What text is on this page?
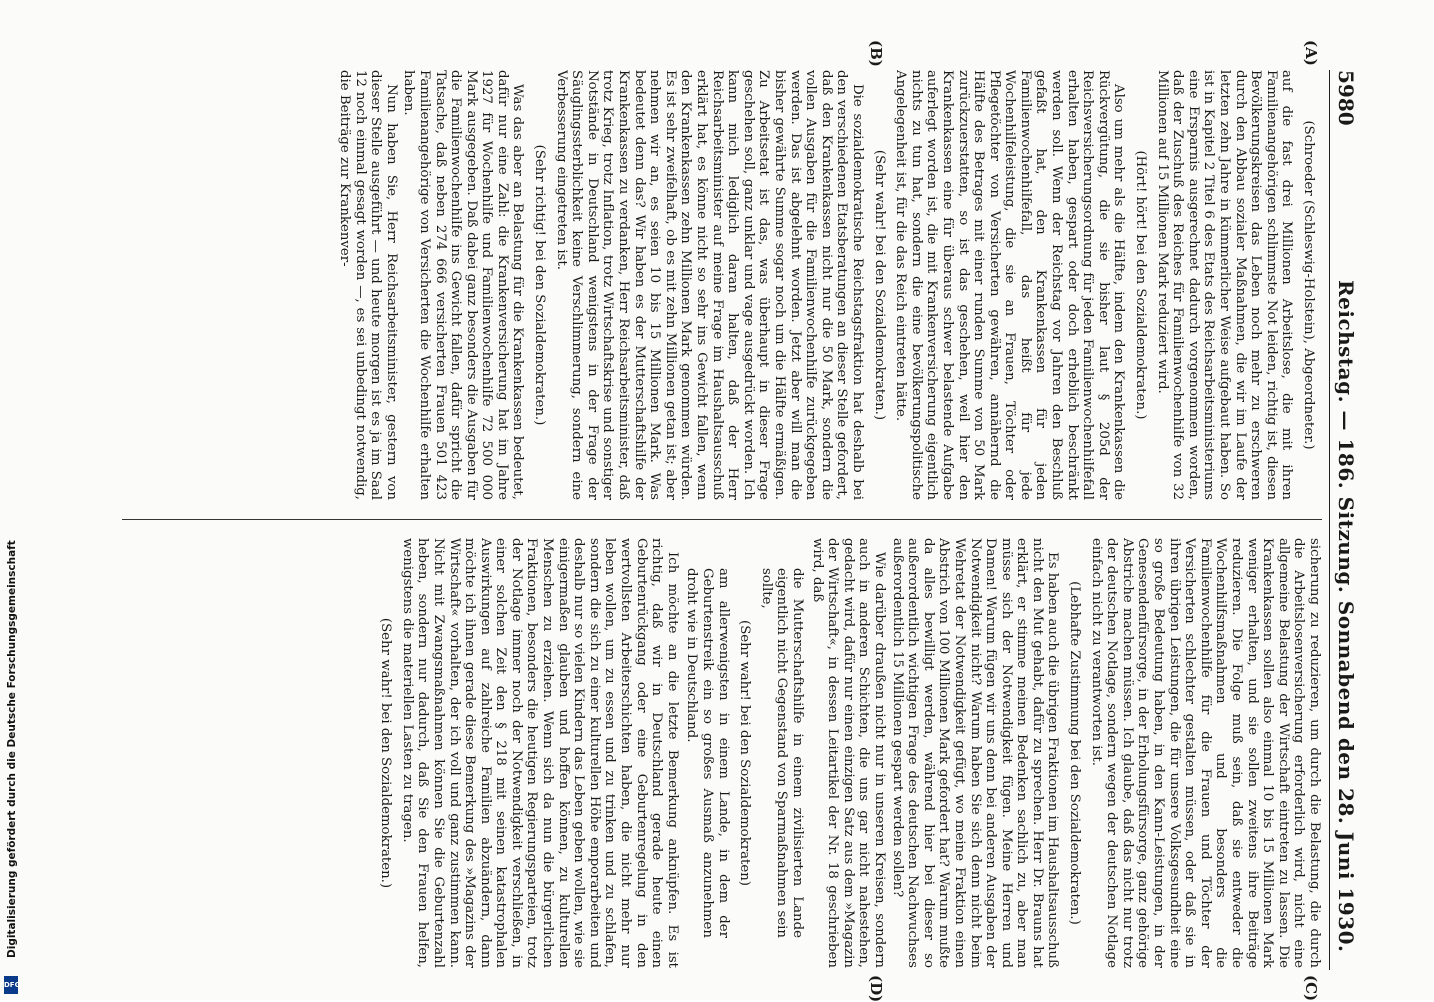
5980
Reichstag. — 186. Sitzung. Sonnabend den 28. Juni 1930.
(A)
(B)
(C)
(D)

(Schroeder (Schleswig-Holstein), Abgeordneter.)

auf die fast drei Millionen Arbeitslose, die mit ihren Familienangehörigen schlimmste Not leiden, richtig ist, diesen Bevölkerungskreisen das Leben noch mehr zu erschweren durch den Abbau sozialer Maßnahmen, die wir im Laufe der letzten zehn Jahre in kümmerlicher Weise aufgebaut haben. So ist in Kapitel 2 Titel 6 des Etats des Reichsarbeitsministeriums eine Ersparnis ausgerechnet dadurch vorgenommen worden, daß der Zuschuß des Reiches für Familienwochenhilfe von 32 Millionen auf 15 Millionen Mark reduziert wird.

(Hört! hört! bei den Sozialdemokraten.)

Also um mehr als die Hälfte, indem den Krankenkassen die Rückvergütung, die sie bisher laut § 205d der Reichsversicherungsordnung für jeden Familienwochenhilfefall erhalten haben, gespart oder doch erheblich beschränkt werden soll. Wenn der Reichstag vor Jahren den Beschluß gefaßt hat, den Krankenkassen für jeden Familienwochenhilfefall, das heißt für jede Wochenhilfeleistung, die sie an Frauen, Töchter oder Pflegetöchter von Versicherten gewähren, annähernd die Hälfte des Betrages mit einer runden Summe von 50 Mark zurückzuerstatten, so ist das geschehen, weil hier den Krankenkassen eine für überaus schwer belastende Aufgabe auferlegt worden ist, die mit Krankenversicherung eigentlich nichts zu tun hat, sondern die eine bevölkerungspolitische Angelegenheit ist, für die das Reich eintreten hätte.

(Sehr wahr! bei den Sozialdemokraten.)

Die sozialdemokratische Reichstagsfraktion hat deshalb bei den verschiedenen Etatsberatungen an dieser Stelle gefordert, daß den Krankenkassen nicht nur die 50 Mark, sondern die vollen Ausgaben für die Familienwochenhilfe zurückgegeben werden. Das ist abgelehnt worden. Jetzt aber will man die bisher gewährte Summe sogar noch um die Hälfte ermäßigen. Zu Arbeitsetat ist das, was überhaupt in dieser Frage geschehen soll, ganz unklar und vage ausgedrückt worden. Ich kann mich lediglich daran halten, daß der Herr Reichsarbeitsminister auf meine Frage im Haushaltsausschuß erklärt hat, es könne nicht so sehr ins Gewicht fallen, wenn den Krankenkassen zehn Millionen Mark genommen würden. Es ist sehr zweifelhaft, ob es mit zehn Millionen getan ist; aber nehmen wir an, es seien 10 bis 15 Millionen Mark. Was bedeutet denn das? Wir haben es der Mutterschaftshilfe der Krankenkassen zu verdanken, Herr Reichsarbeitsminister, daß trotz Krieg, trotz Inflation, trotz Wirtschaftskrise und sonstiger Notstände in Deutschland wenigstens in der Frage der Säuglingssterblichkeit keine Verschlimmerung, sondern eine Verbesserung eingetreten ist.

(Sehr richtig! bei den Sozialdemokraten.)

Was das aber an Belastung für die Krankenkassen bedeutet, dafür nur eine Zahl: die Krankenversicherung hat im Jahre 1927 für Wochenhilfe und Familienwochenhilfe 72 500 000 Mark ausgegeben. Daß dabei ganz besonders die Ausgaben für die Familienwochenhilfe ins Gewicht fallen, dafür spricht die Tatsache, daß neben 274 666 versicherten Frauen 501 423 Familienangehörige von Versicherten die Wochenhilfe erhalten haben.

Nun haben Sie, Herr Reichsarbeitsminister, gestern von dieser Stelle ausgeführt — und heute morgen ist es ja im Saal 12 noch einmal gesagt worden —, es sei unbedingt notwendig, die Beiträge zur Krankenver-

sicherung zu reduzieren, um durch die Belastung, die durch die Arbeitslosenversicherung erforderlich wird, nicht eine allgemeine Belastung der Wirtschaft eintreten zu lassen. Die Krankenkassen sollen also einmal 10 bis 15 Millionen Mark weniger erhalten, und sie sollen zweitens ihre Beiträge reduzieren. Die Folge muß sein, daß sie entweder die Wochenhilfsmaßnahmen und besonders die Familienwochenhilfe für die Frauen und Töchter der Versicherten schlechter gestalten müssen, oder daß sie in ihren übrigen Leistungen, die für unsere Volksgesundheit eine so große Bedeutung haben, in den Kann-Leistungen, in der Genesendenfürsorge, in der Erholungsfürsorge, ganz gehörige Abstriche machen müssen. Ich glaube, daß das nicht nur trotz der deutschen Notlage, sondern wegen der deutschen Notlage einfach nicht zu verantworten ist.

(Lebhafte Zustimmung bei den Sozialdemokraten.)

Es haben auch die übrigen Fraktionen im Haushaltsausschuß nicht den Mut gehabt, dafür zu sprechen. Herr Dr. Brauns hat erklärt, er stimme meinen Bedenken sachlich zu, aber man müsse sich der Notwendigkeit fügen. Meine Herren und Damen! Warum fügen wir uns denn bei anderen Ausgaben der Notwendigkeit nicht? Warum haben Sie sich denn nicht beim Wehretat der Notwendigkeit gefügt, wo meine Fraktion einen Abstrich von 100 Millionen Mark gefordert hat? Warum mußte da alles bewilligt werden, während hier bei dieser so außerordentlich wichtigen Frage des deutschen Nachwuchses außerordentlich 15 Millionen gespart werden sollen?

Wie darüber draußen nicht nur in unseren Kreisen, sondern auch in anderen Schichten, die uns gar nicht nahestehen, gedacht wird, dafür nur einen einzigen Satz aus dem »Magazin der Wirtschaft«, in dessen Leitartikel der Nr. 18 geschrieben wird, daß

die Mutterschaftshilfe in einem zivilisierten Lande eigentlich nicht Gegenstand von Sparmaßnahmen sein sollte,

(Sehr wahr! bei den Sozialdemokraten)

am allerwenigsten in einem Lande, in dem der Geburtenstreik ein so großes Ausmaß anzunehmen droht wie in Deutschland.

Ich möchte an die letzte Bemerkung anknüpfen. Es ist richtig, daß wir in Deutschland gerade heute einen Geburtenrückgang oder eine Geburtenregelung in den wertvollsten Arbeiterschichten haben, die nicht mehr nur leben wollen, um zu essen und zu trinken und zu schlafen, sondern die sich zu einer kulturellen Höhe emporarbeiten und deshalb nur so vielen Kindern das Leben geben wollen, wie sie einigermaßen glauben und hoffen können, zu kulturellen Menschen zu erziehen. Wenn sich da nun die bürgerlichen Fraktionen, besonders die heutigen Regierungsparteien, trotz der Notlage immer noch der Notwendigkeit verschließen, in einer solchen Zeit den § 218 mit seinen katastrophalen Auswirkungen auf zahlreiche Familien abzuändern, dann möchte ich ihnen gerade diese Bemerkung des »Magazins der Wirtschaft« vorhalten, der ich voll und ganz zustimmen kann. Nicht mit Zwangsmaßnahmen können Sie die Geburtenzahl heben, sondern nur dadurch, daß Sie den Frauen helfen, wenigstens die materiellen Lasten zu tragen.

(Sehr wahr! bei den Sozialdemokraten.)

Digitalisierung gefördert durch die Deutsche Forschungsgemeinschaft
DFG
